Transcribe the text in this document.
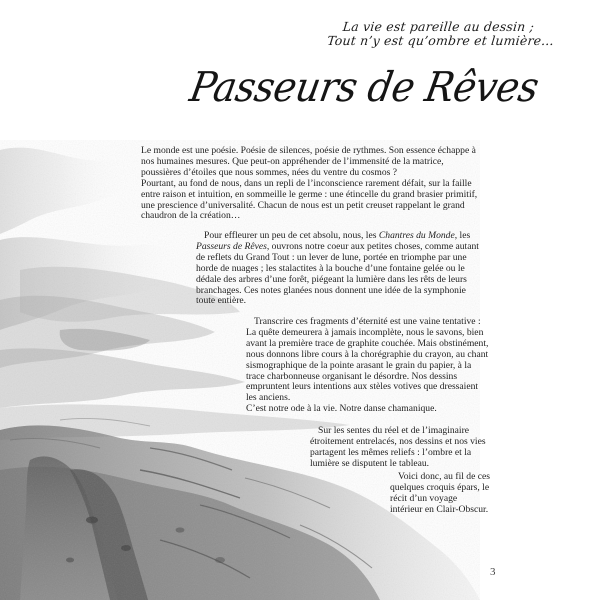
La vie est pareille au dessin ;
Tout n’y est qu’ombre et lumière…
Passeurs de Rêves

Le monde est une poésie. Poésie de silences, poésie de rythmes. Son essence échappe à nos humaines mesures. Que peut-on appréhender de l’immensité de la matrice, poussières d’étoiles que nous sommes, nées du ventre du cosmos ?

Pourtant, au fond de nous, dans un repli de l’inconscience rarement défait, sur la faille entre raison et intuition, en sommeille le germe : une étincelle du grand brasier primitif, une prescience d’universalité. Chacun de nous est un petit creuset rappelant le grand chaudron de la création…

Pour effleurer un peu de cet absolu, nous, les Chantres du Monde, les Passeurs de Rêves, ouvrons notre coeur aux petites choses, comme autant de reflets du Grand Tout : un lever de lune, portée en triomphe par une horde de nuages ; les stalactites à la bouche d’une fontaine gelée ou le dédale des arbres d’une forêt, piégeant la lumière dans les rêts de leurs branchages. Ces notes glanées nous donnent une idée de la symphonie toute entière.

Transcrire ces fragments d’éternité est une vaine tentative : La quête demeurera à jamais incomplète, nous le savons, bien avant la première trace de graphite couchée. Mais obstinément, nous donnons libre cours à la chorégraphie du crayon, au chant sismographique de la pointe arasant le grain du papier, à la trace charbonneuse organisant le désordre. Nos dessins empruntent leurs intentions aux stèles votives que dressaient les anciens.

C’est notre ode à la vie. Notre danse chamanique.

Sur les sentes du réel et de l’imaginaire étroitement entrelacés, nos dessins et nos vies partagent les mêmes reliefs : l’ombre et la lumière se disputent le tableau.

Voici donc, au fil de ces quelques croquis épars, le récit d’un voyage intérieur en Clair-Obscur.

3
